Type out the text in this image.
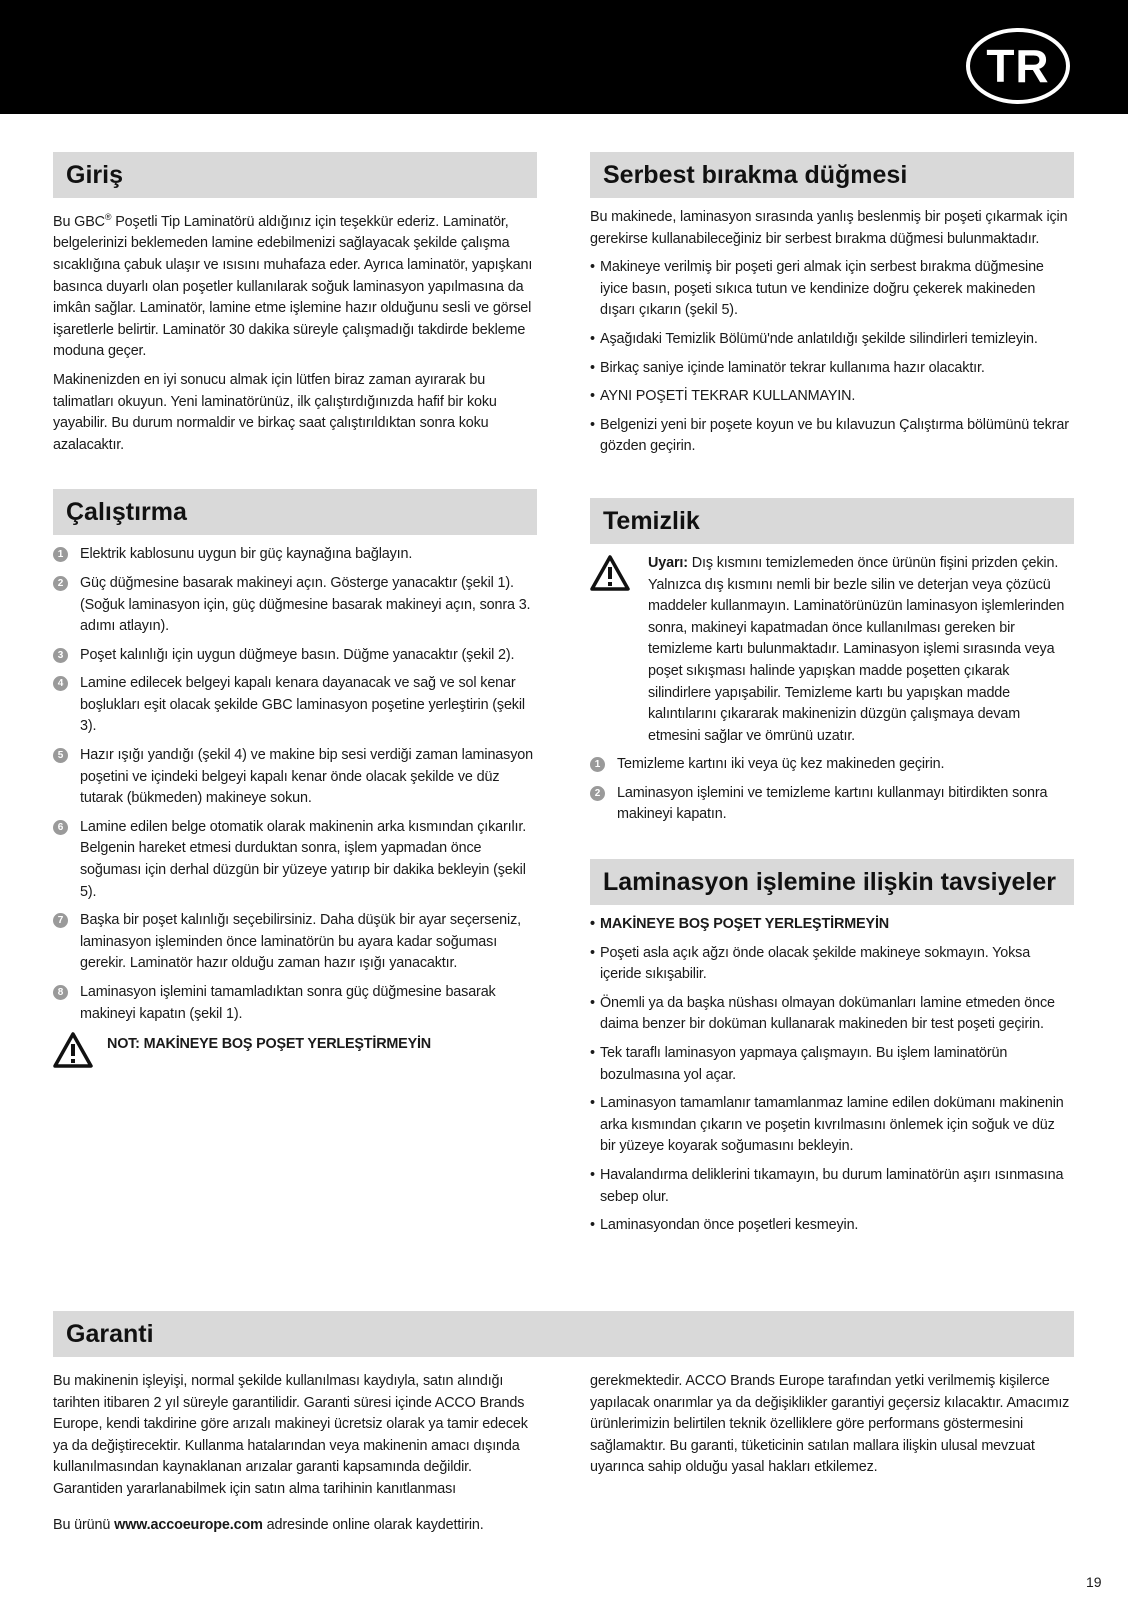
TR
Giriş

Bu GBC® Poşetli Tip Laminatörü aldığınız için teşekkür ederiz. Laminatör, belgelerinizi beklemeden lamine edebilmenizi sağlayacak şekilde çalışma sıcaklığına çabuk ulaşır ve ısısını muhafaza eder. Ayrıca laminatör, yapışkanı basınca duyarlı olan poşetler kullanılarak soğuk laminasyon yapılmasına da imkân sağlar. Laminatör, lamine etme işlemine hazır olduğunu sesli ve görsel işaretlerle belirtir. Laminatör 30 dakika süreyle çalışmadığı takdirde bekleme moduna geçer.

Makinenizden en iyi sonucu almak için lütfen biraz zaman ayırarak bu talimatları okuyun. Yeni laminatörünüz, ilk çalıştırdığınızda hafif bir koku yayabilir. Bu durum normaldir ve birkaç saat çalıştırıldıktan sonra koku azalacaktır.

Çalıştırma
1	Elektrik kablosunu uygun bir güç kaynağına bağlayın.
2	Güç düğmesine basarak makineyi açın. Gösterge yanacaktır (şekil 1). (Soğuk laminasyon için, güç düğmesine basarak makineyi açın, sonra 3. adımı atlayın).
3	Poşet kalınlığı için uygun düğmeye basın. Düğme yanacaktır (şekil 2).
4	Lamine edilecek belgeyi kapalı kenara dayanacak ve sağ ve sol kenar boşlukları eşit olacak şekilde GBC laminasyon poşetine yerleştirin (şekil 3).
5	Hazır ışığı yandığı (şekil 4) ve makine bip sesi verdiği zaman laminasyon poşetini ve içindeki belgeyi kapalı kenar önde olacak şekilde ve düz tutarak (bükmeden) makineye sokun.
6	Lamine edilen belge otomatik olarak makinenin arka kısmından çıkarılır. Belgenin hareket etmesi durduktan sonra, işlem yapmadan önce soğuması için derhal düzgün bir yüzeye yatırıp bir dakika bekleyin (şekil 5).
7	Başka bir poşet kalınlığı seçebilirsiniz. Daha düşük bir ayar seçerseniz, laminasyon işleminden önce laminatörün bu ayara kadar soğuması gerekir. Laminatör hazır olduğu zaman hazır ışığı yanacaktır.
8	Laminasyon işlemini tamamladıktan sonra güç düğmesine basarak makineyi kapatın (şekil 1).
NOT: MAKİNEYE BOŞ POŞET YERLEŞTİRMEYİN
Serbest bırakma düğmesi

Bu makinede, laminasyon sırasında yanlış beslenmiş bir poşeti çıkarmak için gerekirse kullanabileceğiniz bir serbest bırakma düğmesi bulunmaktadır.

• Makineye verilmiş bir poşeti geri almak için serbest bırakma düğmesine iyice basın, poşeti sıkıca tutun ve kendinize doğru çekerek makineden dışarı çıkarın (şekil 5).

• Aşağıdaki Temizlik Bölümü'nde anlatıldığı şekilde silindirleri temizleyin.

• Birkaç saniye içinde laminatör tekrar kullanıma hazır olacaktır.

• AYNI POŞETİ TEKRAR KULLANMAYIN.

• Belgenizi yeni bir poşete koyun ve bu kılavuzun Çalıştırma bölümünü tekrar gözden geçirin.

Temizlik
Uyarı: Dış kısmını temizlemeden önce ürünün fişini prizden çekin. Yalnızca dış kısmını nemli bir bezle silin ve deterjan veya çözücü maddeler kullanmayın. Laminatörünüzün laminasyon işlemlerinden sonra, makineyi kapatmadan önce kullanılması gereken bir temizleme kartı bulunmaktadır. Laminasyon işlemi sırasında veya poşet sıkışması halinde yapışkan madde poşetten çıkarak silindirlere yapışabilir. Temizleme kartı bu yapışkan madde kalıntılarını çıkararak makinenizin düzgün çalışmaya devam etmesini sağlar ve ömrünü uzatır.
1	Temizleme kartını iki veya üç kez makineden geçirin.
2	Laminasyon işlemini ve temizleme kartını kullanmayı bitirdikten sonra makineyi kapatın.
Laminasyon işlemine ilişkin tavsiyeler

• MAKİNEYE BOŞ POŞET YERLEŞTİRMEYİN

• Poşeti asla açık ağzı önde olacak şekilde makineye sokmayın. Yoksa içeride sıkışabilir.

• Önemli ya da başka nüshası olmayan dokümanları lamine etmeden önce daima benzer bir doküman kullanarak makineden bir test poşeti geçirin.

• Tek taraflı laminasyon yapmaya çalışmayın. Bu işlem laminatörün bozulmasına yol açar.

• Laminasyon tamamlanır tamamlanmaz lamine edilen dokümanı makinenin arka kısmından çıkarın ve poşetin kıvrılmasını önlemek için soğuk ve düz bir yüzeye koyarak soğumasını bekleyin.

• Havalandırma deliklerini tıkamayın, bu durum laminatörün aşırı ısınmasına sebep olur.

• Laminasyondan önce poşetleri kesmeyin.

Garanti

Bu makinenin işleyişi, normal şekilde kullanılması kaydıyla, satın alındığı tarihten itibaren 2 yıl süreyle garantilidir. Garanti süresi içinde ACCO Brands Europe, kendi takdirine göre arızalı makineyi ücretsiz olarak ya tamir edecek ya da değiştirecektir. Kullanma hatalarından veya makinenin amacı dışında kullanılmasından kaynaklanan arızalar garanti kapsamında değildir. Garantiden yararlanabilmek için satın alma tarihinin kanıtlanması

Bu ürünü www.accoeurope.com adresinde online olarak kaydettirin.

gerekmektedir. ACCO Brands Europe tarafından yetki verilmemiş kişilerce yapılacak onarımlar ya da değişiklikler garantiyi geçersiz kılacaktır. Amacımız ürünlerimizin belirtilen teknik özelliklere göre performans göstermesini sağlamaktır. Bu garanti, tüketicinin satılan mallara ilişkin ulusal mevzuat uyarınca sahip olduğu yasal hakları etkilemez.

19
